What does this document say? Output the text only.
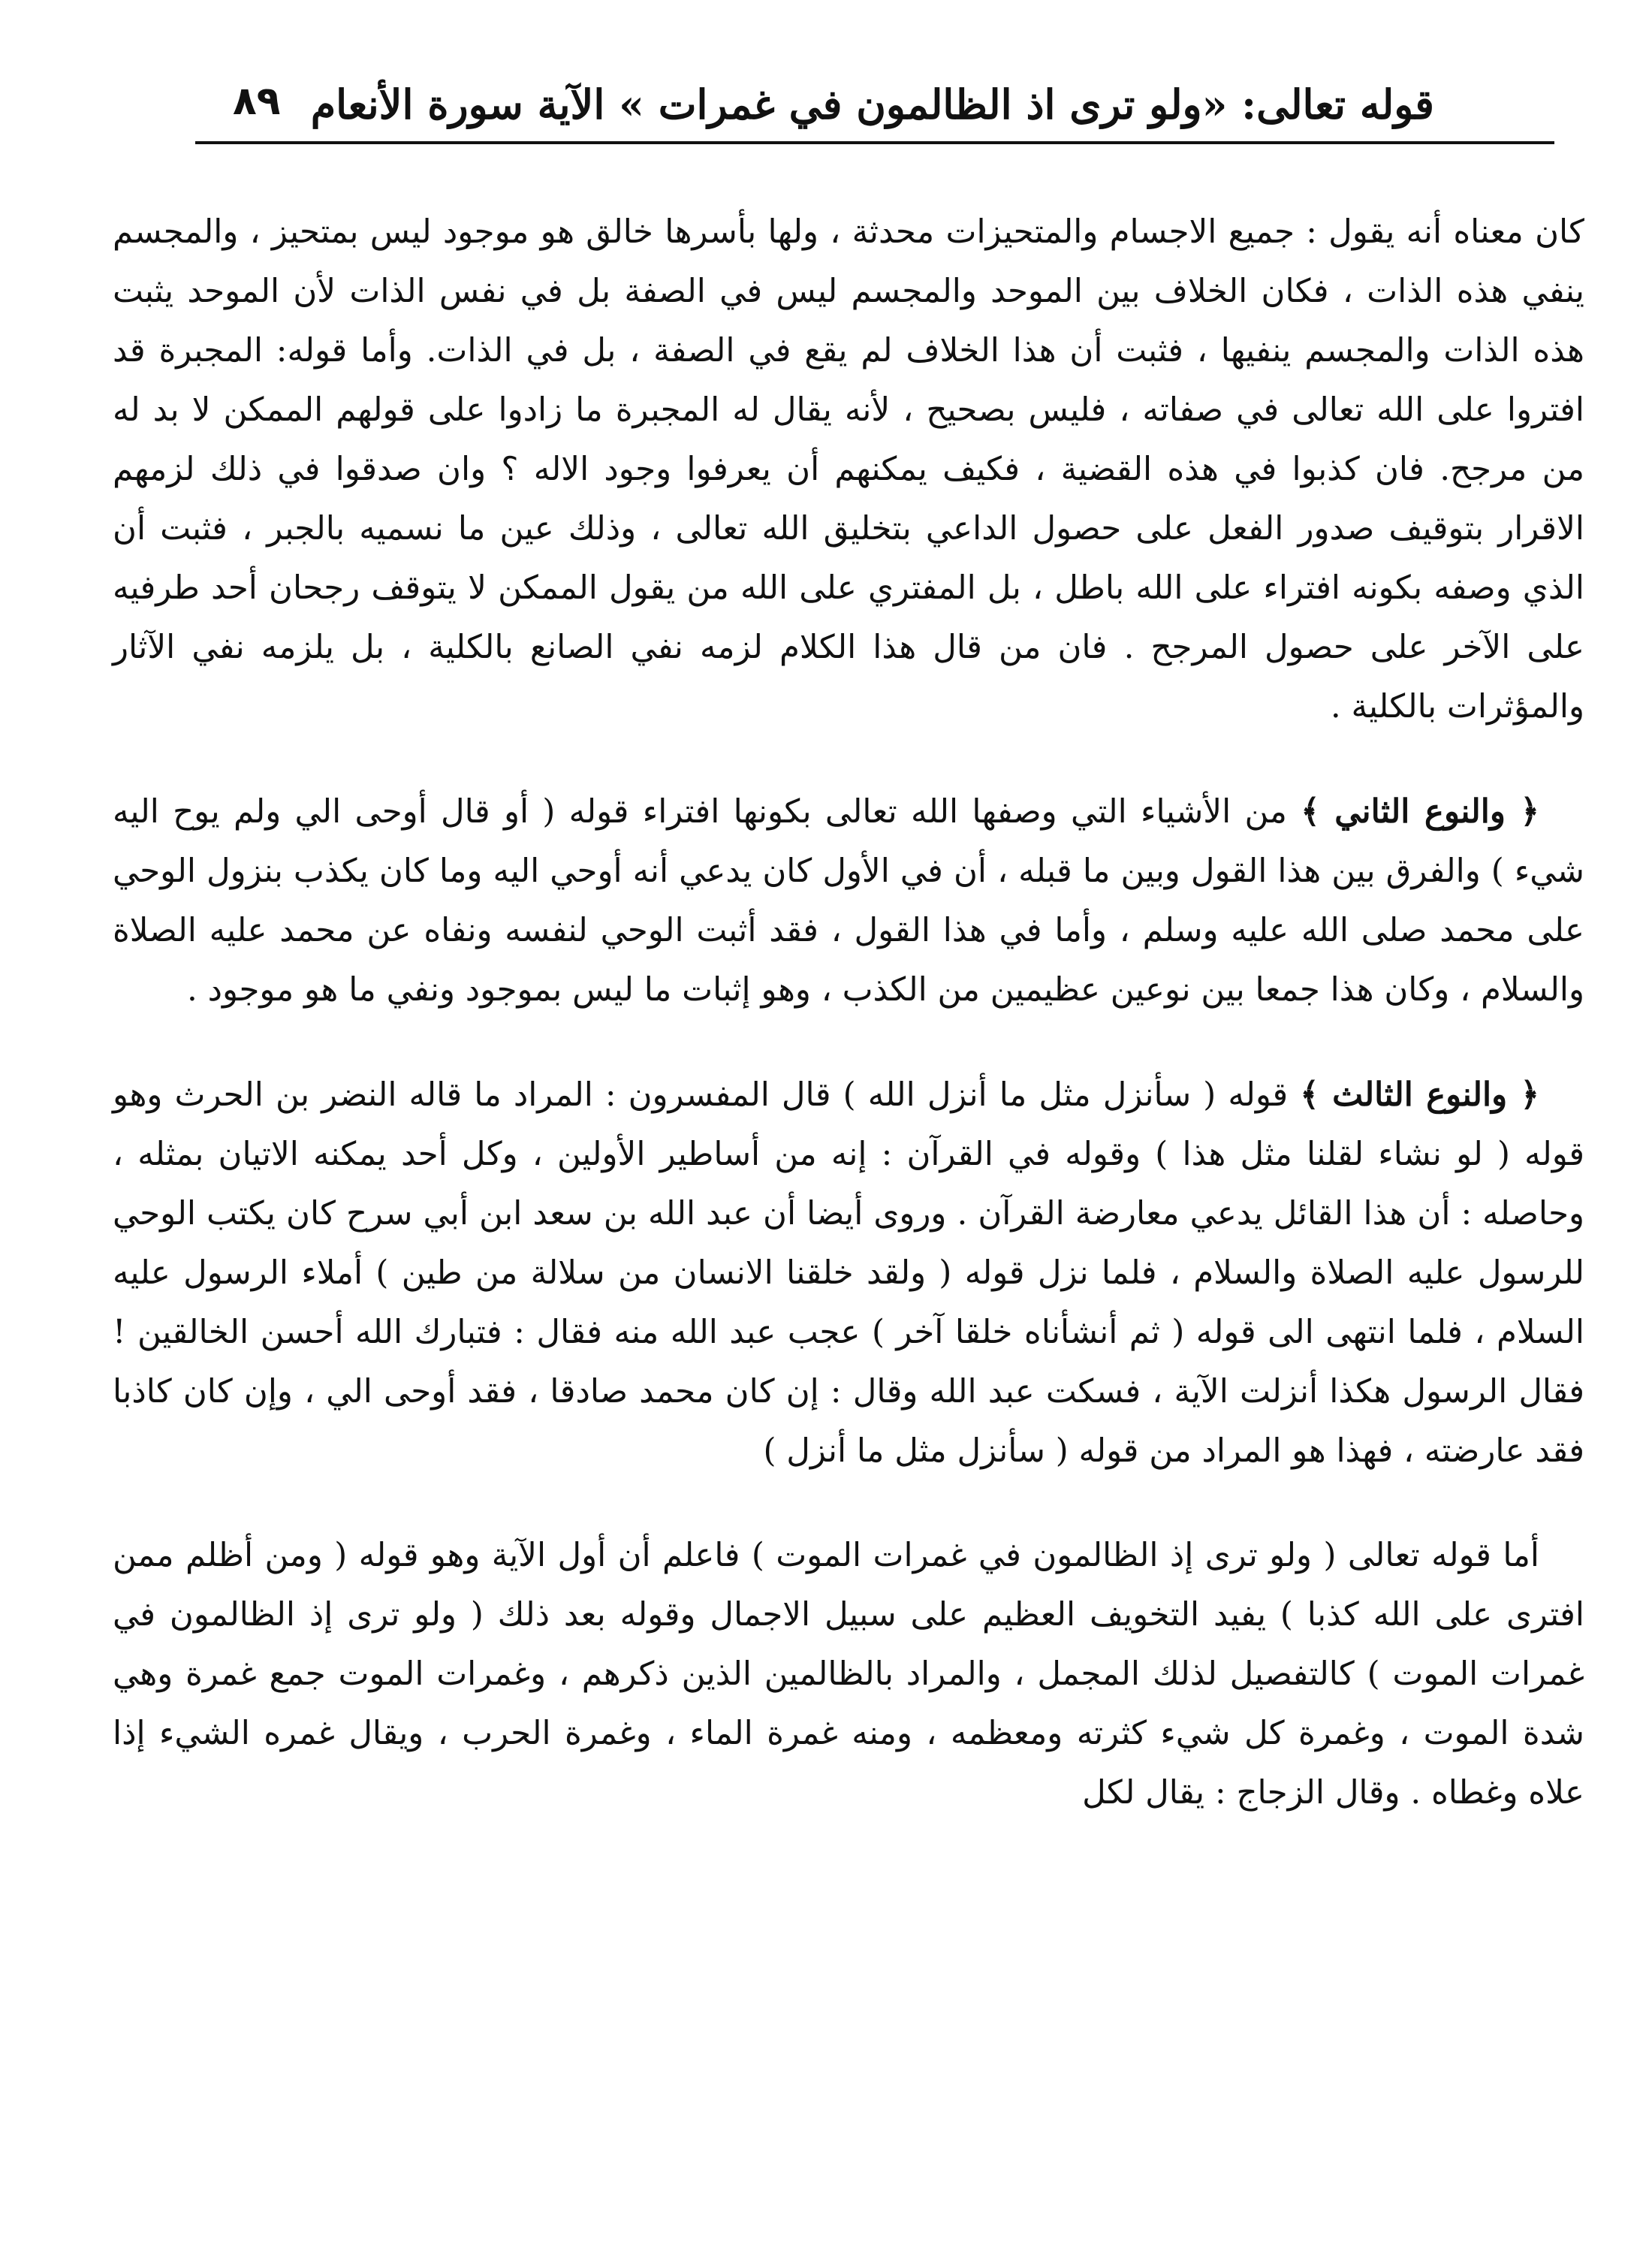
قوله تعالى: «ولو ترى اذ الظالمون في غمرات » الآية سورة الأنعام
٨٩

كان معناه أنه يقول : جميع الاجسام والمتحيزات محدثة ، ولها بأسرها خالق هو موجود ليس بمتحيز ، والمجسم ينفي هذه الذات ، فكان الخلاف بين الموحد والمجسم ليس في الصفة بل في نفس الذات لأن الموحد يثبت هذه الذات والمجسم ينفيها ، فثبت أن هذا الخلاف لم يقع في الصفة ، بل في الذات. وأما قوله: المجبرة قد افتروا على الله تعالى في صفاته ، فليس بصحيح ، لأنه يقال له المجبرة ما زادوا على قولهم الممكن لا بد له من مرجح. فان كذبوا في هذه القضية ، فكيف يمكنهم أن يعرفوا وجود الاله ؟ وان صدقوا في ذلك لزمهم الاقرار بتوقيف صدور الفعل على حصول الداعي بتخليق الله تعالى ، وذلك عين ما نسميه بالجبر ، فثبت أن الذي وصفه بكونه افتراء على الله باطل ، بل المفتري على الله من يقول الممكن لا يتوقف رجحان أحد طرفيه على الآخر على حصول المرجح . فان من قال هذا الكلام لزمه نفي الصانع بالكلية ، بل يلزمه نفي الآثار والمؤثرات بالكلية .

﴿ والنوع الثاني ﴾ من الأشياء التي وصفها الله تعالى بكونها افتراء قوله ( أو قال أوحى الي ولم يوح اليه شيء ) والفرق بين هذا القول وبين ما قبله ، أن في الأول كان يدعي أنه أوحي اليه وما كان يكذب بنزول الوحي على محمد صلى الله عليه وسلم ، وأما في هذا القول ، فقد أثبت الوحي لنفسه ونفاه عن محمد عليه الصلاة والسلام ، وكان هذا جمعا بين نوعين عظيمين من الكذب ، وهو إثبات ما ليس بموجود ونفي ما هو موجود .

﴿ والنوع الثالث ﴾ قوله ( سأنزل مثل ما أنزل الله ) قال المفسرون : المراد ما قاله النضر بن الحرث وهو قوله ( لو نشاء لقلنا مثل هذا ) وقوله في القرآن : إنه من أساطير الأولين ، وكل أحد يمكنه الاتيان بمثله ، وحاصله : أن هذا القائل يدعي معارضة القرآن . وروى أيضا أن عبد الله بن سعد ابن أبي سرح كان يكتب الوحي للرسول عليه الصلاة والسلام ، فلما نزل قوله ( ولقد خلقنا الانسان من سلالة من طين ) أملاء الرسول عليه السلام ، فلما انتهى الى قوله ( ثم أنشأناه خلقا آخر ) عجب عبد الله منه فقال : فتبارك الله أحسن الخالقين ! فقال الرسول هكذا أنزلت الآية ، فسكت عبد الله وقال : إن كان محمد صادقا ، فقد أوحى الي ، وإن كان كاذبا فقد عارضته ، فهذا هو المراد من قوله ( سأنزل مثل ما أنزل )

أما قوله تعالى ( ولو ترى إذ الظالمون في غمرات الموت ) فاعلم أن أول الآية وهو قوله ( ومن أظلم ممن افترى على الله كذبا ) يفيد التخويف العظيم على سبيل الاجمال وقوله بعد ذلك ( ولو ترى إذ الظالمون في غمرات الموت ) كالتفصيل لذلك المجمل ، والمراد بالظالمين الذين ذكرهم ، وغمرات الموت جمع غمرة وهي شدة الموت ، وغمرة كل شيء كثرته ومعظمه ، ومنه غمرة الماء ، وغمرة الحرب ، ويقال غمره الشيء إذا علاه وغطاه . وقال الزجاج : يقال لكل
